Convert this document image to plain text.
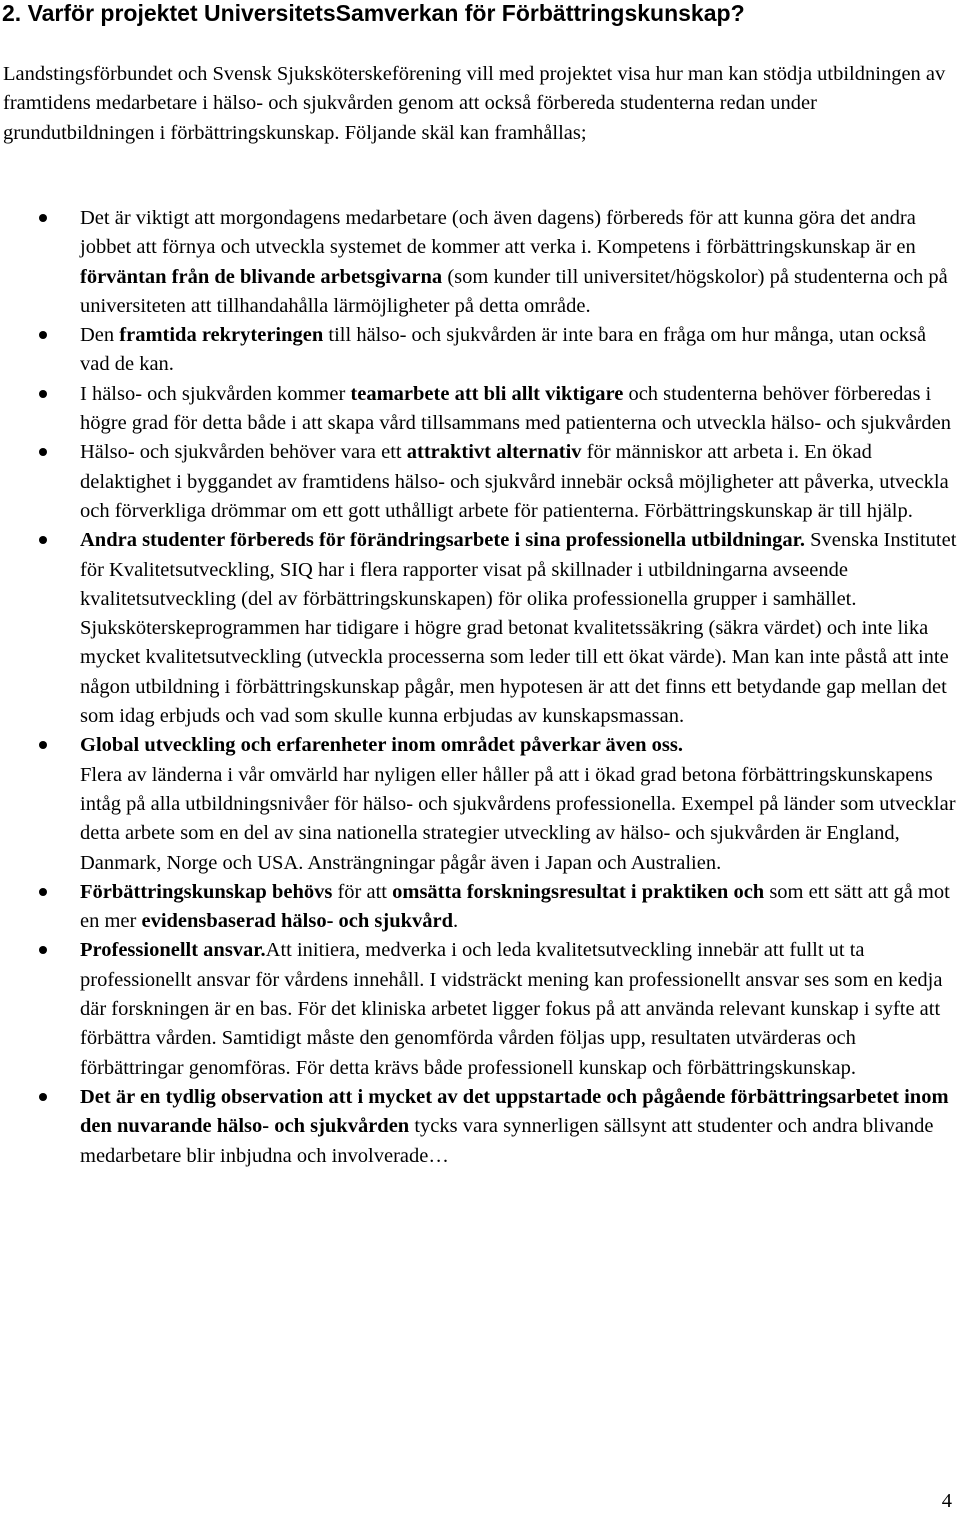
2. Varför projektet UniversitetsSamverkan för Förbättringskunskap?

Landstingsförbundet och Svensk Sjuksköterskeförening vill med projektet visa hur man kan stödja utbildningen av framtidens medarbetare i hälso- och sjukvården genom att också förbereda studenterna redan under grundutbildningen i förbättringskunskap. Följande skäl kan framhållas;

Det är viktigt att morgondagens medarbetare (och även dagens) förbereds för att kunna göra det andra jobbet att förnya och utveckla systemet de kommer att verka i. Kompetens i förbättringskunskap är en förväntan från de blivande arbetsgivarna (som kunder till universitet/högskolor) på studenterna och på universiteten att tillhandahålla lärmöjligheter på detta område.
Den framtida rekryteringen till hälso- och sjukvården är inte bara en fråga om hur många, utan också vad de kan.
I hälso- och sjukvården kommer teamarbete att bli allt viktigare och studenterna behöver förberedas i högre grad för detta både i att skapa vård tillsammans med patienterna och utveckla hälso- och sjukvården
Hälso- och sjukvården behöver vara ett attraktivt alternativ för människor att arbeta i. En ökad delaktighet i byggandet av framtidens hälso- och sjukvård innebär också möjligheter att påverka, utveckla och förverkliga drömmar om ett gott uthålligt arbete för patienterna. Förbättringskunskap är till hjälp.
Andra studenter förbereds för förändringsarbete i sina professionella utbildningar. Svenska Institutet för Kvalitetsutveckling, SIQ har i flera rapporter visat på skillnader i utbildningarna avseende kvalitetsutveckling (del av förbättringskunskapen) för olika professionella grupper i samhället. Sjuksköterskeprogrammen har tidigare i högre grad betonat kvalitetssäkring (säkra värdet) och inte lika mycket kvalitetsutveckling (utveckla processerna som leder till ett ökat värde). Man kan inte påstå att inte någon utbildning i förbättringskunskap pågår, men hypotesen är att det finns ett betydande gap mellan det som idag erbjuds och vad som skulle kunna erbjudas av kunskapsmassan.
Global utveckling och erfarenheter inom området påverkar även oss.
Flera av länderna i vår omvärld har nyligen eller håller på att i ökad grad betona förbättringskunskapens intåg på alla utbildningsnivåer för hälso- och sjukvårdens professionella. Exempel på länder som utvecklar detta arbete som en del av sina nationella strategier utveckling av hälso- och sjukvården är England, Danmark, Norge och USA. Ansträngningar pågår även i Japan och Australien.
Förbättringskunskap behövs för att omsätta forskningsresultat i praktiken och som ett sätt att gå mot en mer evidensbaserad hälso- och sjukvård.
Professionellt ansvar.Att initiera, medverka i och leda kvalitetsutveckling innebär att fullt ut ta professionellt ansvar för vårdens innehåll. I vidsträckt mening kan professionellt ansvar ses som en kedja där forskningen är en bas. För det kliniska arbetet ligger fokus på att använda relevant kunskap i syfte att förbättra vården. Samtidigt måste den genomförda vården följas upp, resultaten utvärderas och förbättringar genomföras. För detta krävs både professionell kunskap och förbättringskunskap.
Det är en tydlig observation att i mycket av det uppstartade och pågående förbättringsarbetet inom den nuvarande hälso- och sjukvården tycks vara synnerligen sällsynt att studenter och andra blivande medarbetare blir inbjudna och involverade…
4
